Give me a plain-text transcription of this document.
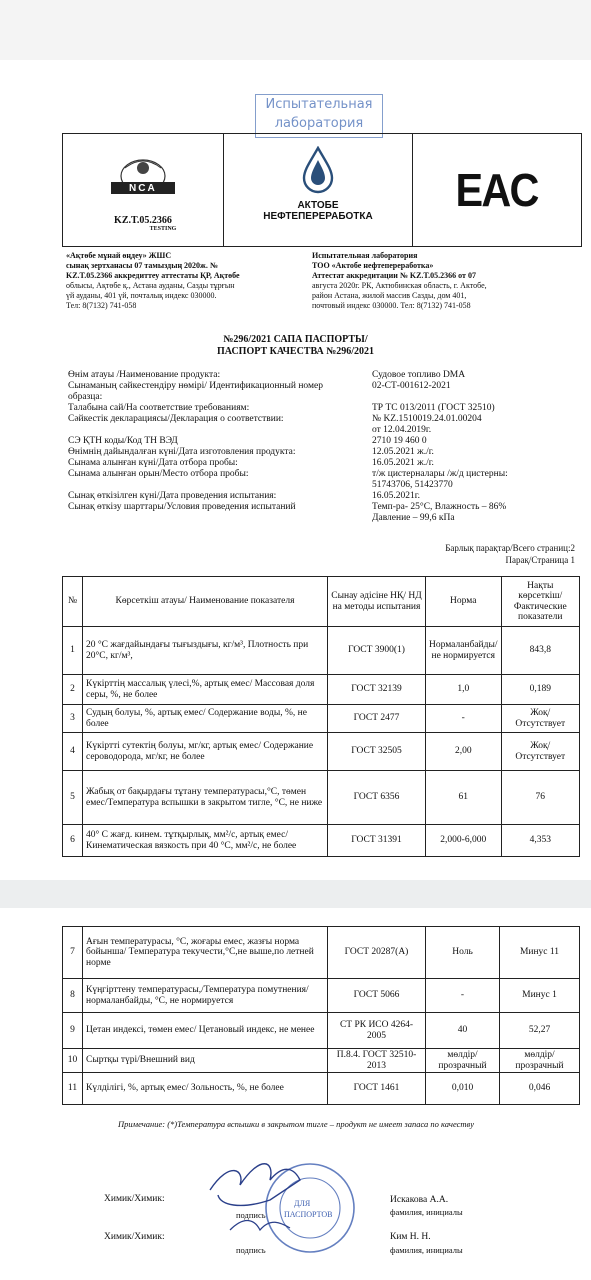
Испытательная
лаборатория
NCA
KZ.T.05.2366
TESTING
АКТОБЕ
НЕФТЕПЕРЕРАБОТКА
EAC
«Ақтөбе мұнай өңдеу» ЖШС
сынақ зертханасы 07 тамыздың 2020ж. №
KZ.T.05.2366 аккредиттеу аттестаты ҚР, Ақтөбе
облысы, Ақтөбе қ., Астана ауданы, Сазды тұрғын
үй ауданы, 401 үй, почталық индекс 030000.
Тел: 8(7132) 741-058
Испытательная лаборатория
ТОО «Актобе нефтепереработка»
Аттестат аккредитации № KZ.T.05.2366 от 07
августа 2020г. РК, Актюбинская область, г. Актобе,
район Астана, жилой массив Сазды, дом 401,
почтовый индекс 030000. Тел: 8(7132) 741-058
№296/2021 САПА ПАСПОРТЫ/
ПАСПОРТ КАЧЕСТВА №296/2021
Барлық парақтар/Всего страниц:2
Парақ/Страница 1
№	Көрсеткіш атауы/ Наименование показателя	Сынау әдісіне НҚ/ НД на методы испытания	Норма	Нақты көрсеткіш/ Фактические показатели
1	20 °С жағдайындағы тығыздығы, кг/м³, Плотность при 20°С, кг/м³,	ГОСТ 3900(1)	Нормаланбайды/не нормируется	843,8
2	Күкірттің массалық үлесі,%, артық емес/ Массовая доля серы, %, не более	ГОСТ 32139	1,0	0,189
3	Судың болуы, %, артық емес/ Содержание воды, %, не более	ГОСТ 2477	-	Жоқ/ Отсутствует
4	Күкіртті сутектің болуы, мг/кг, артық емес/ Содержание сероводорода, мг/кг, не более	ГОСТ 32505	2,00	Жоқ/ Отсутствует
5	Жабық от бақырдағы тұтану температурасы,°С, төмен емес/Температура вспышки в закрытом тигле, °С, не ниже	ГОСТ 6356	61	76
6	40° С жағд. кинем. тұтқырлық, мм²/с, артық емес/ Кинематическая вязкость при 40 °С, мм²/с, не более	ГОСТ 31391	2,000-6,000	4,353
7	Ағын температурасы, °С, жоғары емес, жазғы норма бойынша/ Температура текучести,°С,не выше,по летней норме	ГОСТ 20287(А)	Ноль	Минус 11
8	Күңгірттену температурасы,/Температура помутнения/ нормаланбайды, °С, не нормируется	ГОСТ 5066	-	Минус 1
9	Цетан индексі, төмен емес/ Цетановый индекс, не менее	СТ РК ИСО 4264-2005	40	52,27
10	Сыртқы түрі/Внешний вид	П.8.4. ГОСТ 32510-2013	мөлдір/ прозрачный	мөлдір/ прозрачный
11	Күлділігі, %, артық емес/ Зольность, %, не более	ГОСТ 1461	0,010	0,046
Примечание: (*)Температура вспышки в закрытом тигле – продукт не имеет запаса по качеству
ДЛЯ
ПАСПОРТОВ
Химик/Химик:
подпись
Искакова А.А.
фамилия, инициалы
Химик/Химик:
подпись
Ким Н. Н.
фамилия, инициалы
Өнім атауы /Наименование продукта:	Судовое топливо DMA
Сынаманың сәйкестендіру нөмірі/ Идентификационный номер	02-СТ-001612-2021
образца:
Талабына сай/На соответствие требованиям:	ТР ТС 013/2011 (ГОСТ 32510)
Сәйкестік декларациясы/Декларация о соответствии:	№ KZ.1510019.24.01.00204
от 12.04.2019г.
СЭ ҚТН коды/Код ТН ВЭД	2710 19 460 0
Өнімнің дайындалған күні/Дата изготовления продукта:	12.05.2021 ж./г.
Сынама алынған күні/Дата отбора пробы:	16.05.2021 ж./г.
Сынама алынған орын/Место отбора пробы:	т/ж цистерналары /ж/д цистерны:
51743706, 51423770
Сынақ өткізілген күні/Дата проведения испытания:	16.05.2021г.
Сынақ өткізу шарттары/Условия проведения испытаний	Темп-ра- 25°С, Влажность – 86%
Давление – 99,6 кПа
